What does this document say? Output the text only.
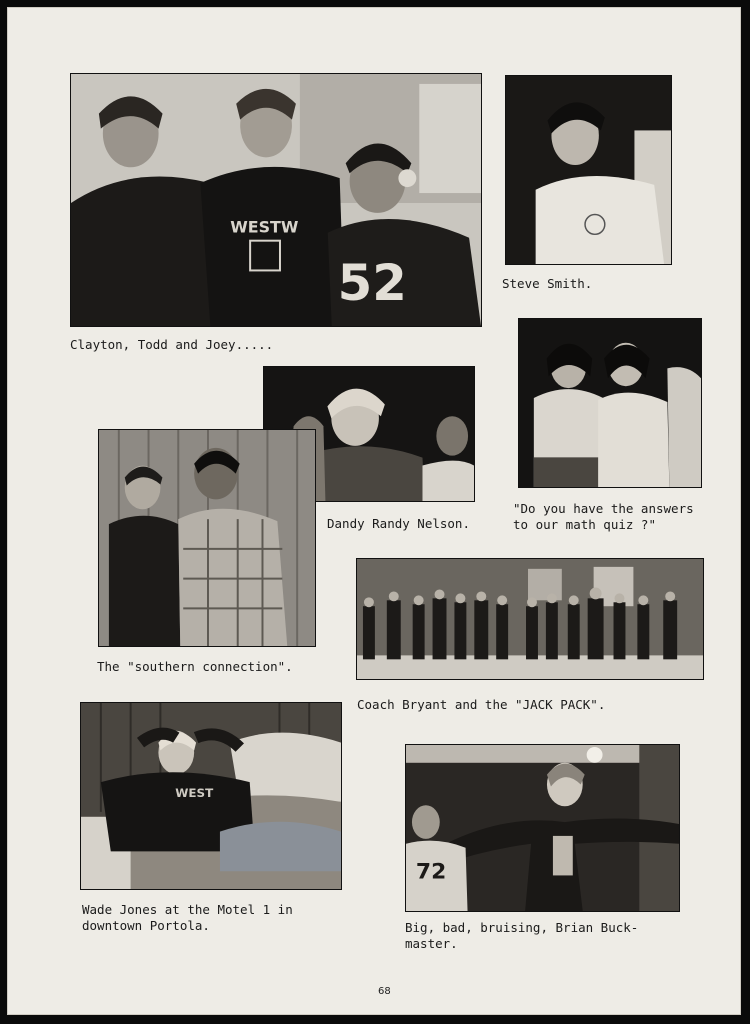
WESTW
52

Clayton, Todd and Joey.....

Steve Smith.

"Do you have the answers
to our math quiz ?"

Dandy Randy Nelson.

The "southern connection".

Coach Bryant and the "JACK PACK".

WEST

Wade Jones at the Motel 1 in
downtown Portola.

72

Big, bad, bruising, Brian Buck-
master.

68
